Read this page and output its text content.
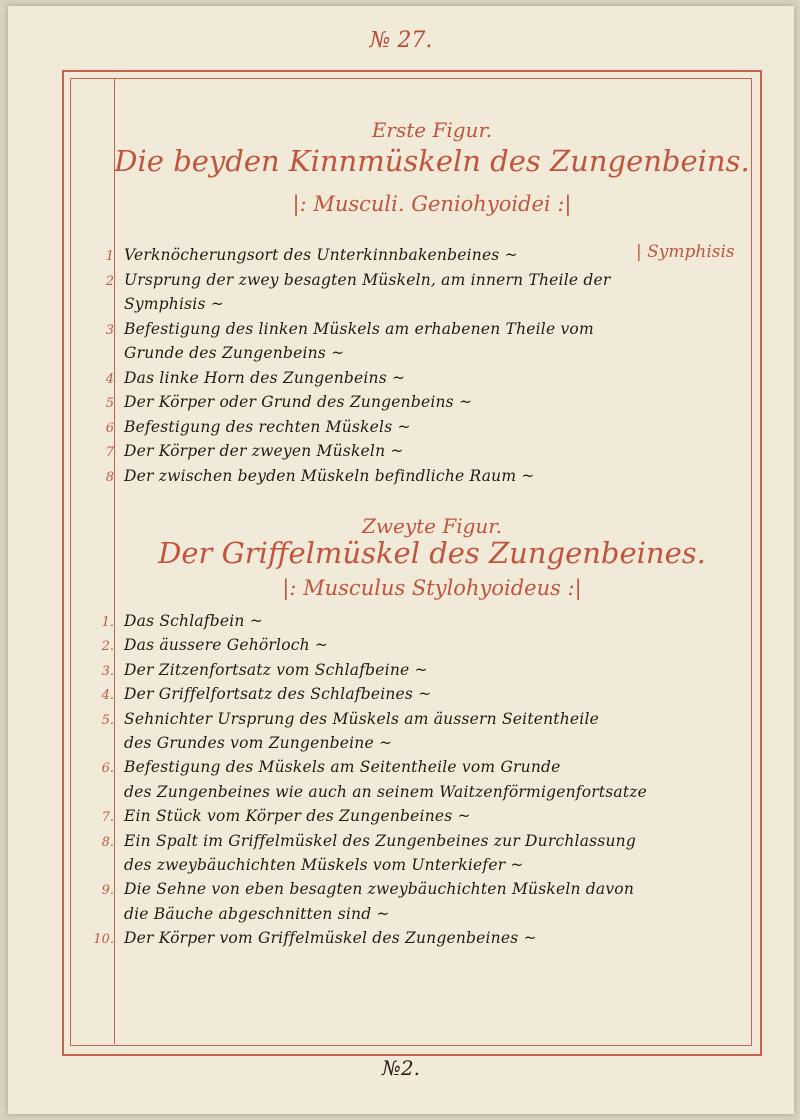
№ 27.
Erste Figur.
Die beyden Kinnmüskeln des Zungenbeins.
|: Musculi. Geniohyoidei :|
| Symphisis
1 Verknöcherungsort des Unterkinnbakenbeines ~
2 Ursprung der zwey besagten Müskeln, am innern Theile der
Symphisis ~
3 Befestigung des linken Müskels am erhabenen Theile vom
Grunde des Zungenbeins ~
4 Das linke Horn des Zungenbeins ~
5 Der Körper oder Grund des Zungenbeins ~
6 Befestigung des rechten Müskels ~
7 Der Körper der zweyen Müskeln ~
8 Der zwischen beyden Müskeln befindliche Raum ~
Zweyte Figur.
Der Griffelmüskel des Zungenbeines.
|: Musculus Stylohyoideus :|
1. Das Schlafbein ~
2. Das äussere Gehörloch ~
3. Der Zitzenfortsatz vom Schlafbeine ~
4. Der Griffelfortsatz des Schlafbeines ~
5. Sehnichter Ursprung des Müskels am äussern Seitentheile
des Grundes vom Zungenbeine ~
6. Befestigung des Müskels am Seitentheile vom Grunde
des Zungenbeines wie auch an seinem Waitzenförmigenfortsatze
7. Ein Stück vom Körper des Zungenbeines ~
8. Ein Spalt im Griffelmüskel des Zungenbeines zur Durchlassung
des zweybäuchichten Müskels vom Unterkiefer ~
9. Die Sehne von eben besagten zweybäuchichten Müskeln davon
die Bäuche abgeschnitten sind ~
10. Der Körper vom Griffelmüskel des Zungenbeines ~
№2.
